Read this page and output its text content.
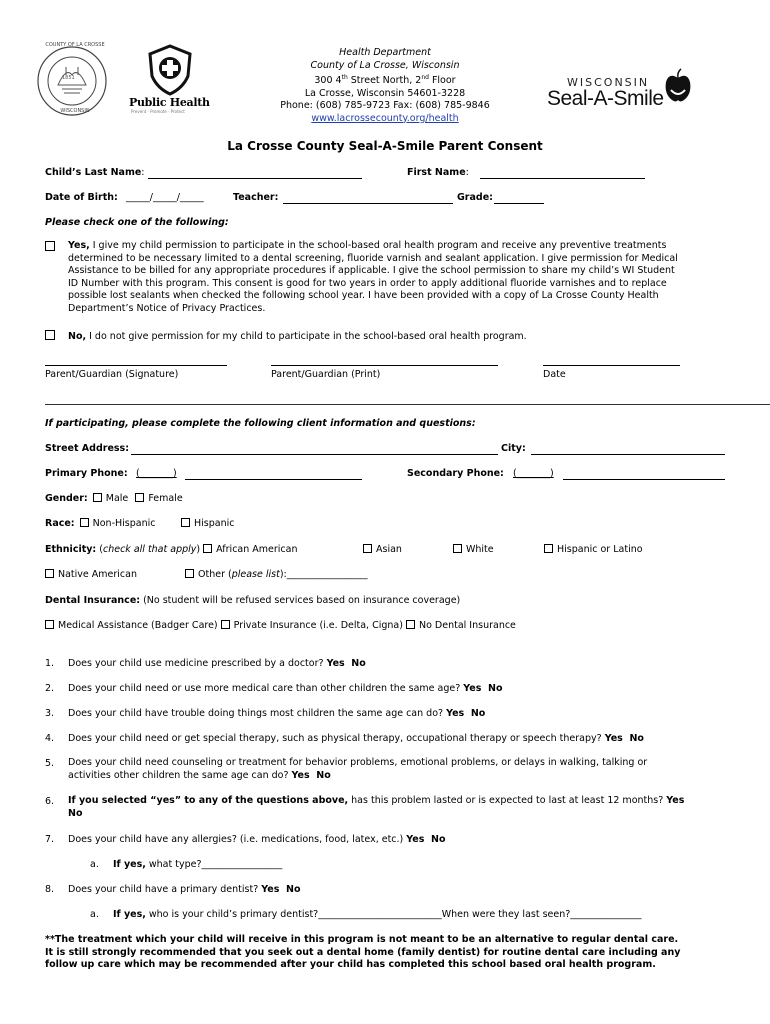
1851
COUNTY OF LA CROSSE
WISCONSIN
Public Health
Prevent · Promote · Protect
Health Department
County of La Crosse, Wisconsin
300 4th Street North, 2nd Floor
La Crosse, Wisconsin 54601-3228
Phone: (608) 785-9723 Fax: (608) 785-9846
www.lacrossecounty.org/health
WISCONSIN
Seal-A-Smile
La Crosse County Seal-A-Smile Parent Consent
Child’s Last Name:	First Name:
Date of Birth: _____/_____/_____	Teacher:	Grade:
Please check one of the following:
Yes, I give my child permission to participate in the school-based oral health program and receive any preventive treatments
determined to be necessary limited to a dental screening, fluoride varnish and sealant application. I give permission for Medical
Assistance to be billed for any appropriate procedures if applicable. I give the school permission to share my child’s WI Student
ID Number with this program. This consent is good for two years in order to apply additional fluoride varnishes and to replace
possible lost sealants when checked the following school year. I have been provided with a copy of La Crosse County Health
Department’s Notice of Privacy Practices.
No, I do not give permission for my child to participate in the school-based oral health program.
Parent/Guardian (Signature)	Parent/Guardian (Print)	Date
If participating, please complete the following client information and questions:
Street Address:	City:
Primary Phone: (_______)	Secondary Phone: (_______)
Gender: Male Female
Race: Non-Hispanic	Hispanic
Ethnicity: (check all that apply) African American	Asian	White	Hispanic or Latino
Native American	Other (please list):_________________
Dental Insurance: (No student will be refused services based on insurance coverage)
Medical Assistance (Badger Care) Private Insurance (i.e. Delta, Cigna) No Dental Insurance
1. Does your child use medicine prescribed by a doctor? Yes  No
2. Does your child need or use more medical care than other children the same age? Yes  No
3. Does your child have trouble doing things most children the same age can do? Yes  No
4. Does your child need or get special therapy, such as physical therapy, occupational therapy or speech therapy? Yes  No
5. Does your child need counseling or treatment for behavior problems, emotional problems, or delays in walking, talking or
activities other children the same age can do? Yes  No
6. If you selected “yes” to any of the questions above, has this problem lasted or is expected to last at least 12 months? Yes
No
7. Does your child have any allergies? (i.e. medications, food, latex, etc.) Yes  No
a. If yes, what type?_________________
8. Does your child have a primary dentist? Yes  No
a. If yes, who is your child’s primary dentist?__________________________When were they last seen?_______________
**The treatment which your child will receive in this program is not meant to be an alternative to regular dental care.
It is still strongly recommended that you seek out a dental home (family dentist) for routine dental care including any
follow up care which may be recommended after your child has completed this school based oral health program.
